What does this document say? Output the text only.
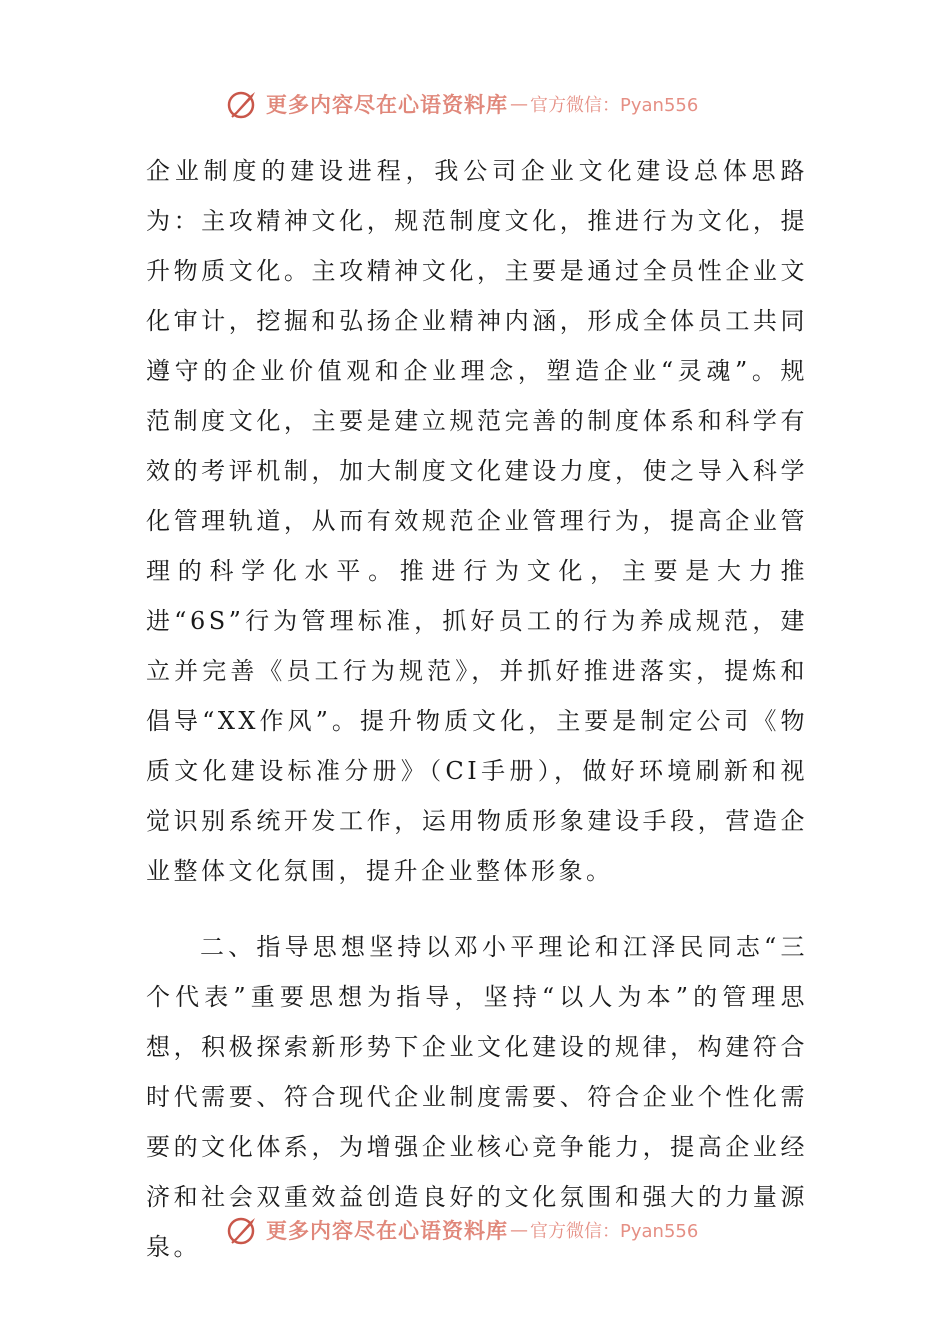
更多内容尽在心语资料库 — 官方微信：Pyan556

企业制度的建设进程，我公司企业文化建设总体思路为：主攻精神文化，规范制度文化，推进行为文化，提升物质文化。主攻精神文化，主要是通过全员性企业文化审计，挖掘和弘扬企业精神内涵，形成全体员工共同遵守的企业价值观和企业理念，塑造企业“灵魂”。规范制度文化，主要是建立规范完善的制度体系和科学有效的考评机制，加大制度文化建设力度，使之导入科学化管理轨道，从而有效规范企业管理行为，提高企业管理的科学化水平。推进行为文化，主要是大力推进“6S”行为管理标准，抓好员工的行为养成规范，建立并完善《员工行为规范》，并抓好推进落实，提炼和倡导“XX作风”。提升物质文化，主要是制定公司《物质文化建设标准分册》（CI手册），做好环境刷新和视觉识别系统开发工作，运用物质形象建设手段，营造企业整体文化氛围，提升企业整体形象。

二、指导思想坚持以邓小平理论和江泽民同志“三个代表”重要思想为指导，坚持“以人为本”的管理思想，积极探索新形势下企业文化建设的规律，构建符合时代需要、符合现代企业制度需要、符合企业个性化需要的文化体系，为增强企业核心竞争能力，提高企业经济和社会双重效益创造良好的文化氛围和强大的力量源泉。

更多内容尽在心语资料库 — 官方微信：Pyan556
